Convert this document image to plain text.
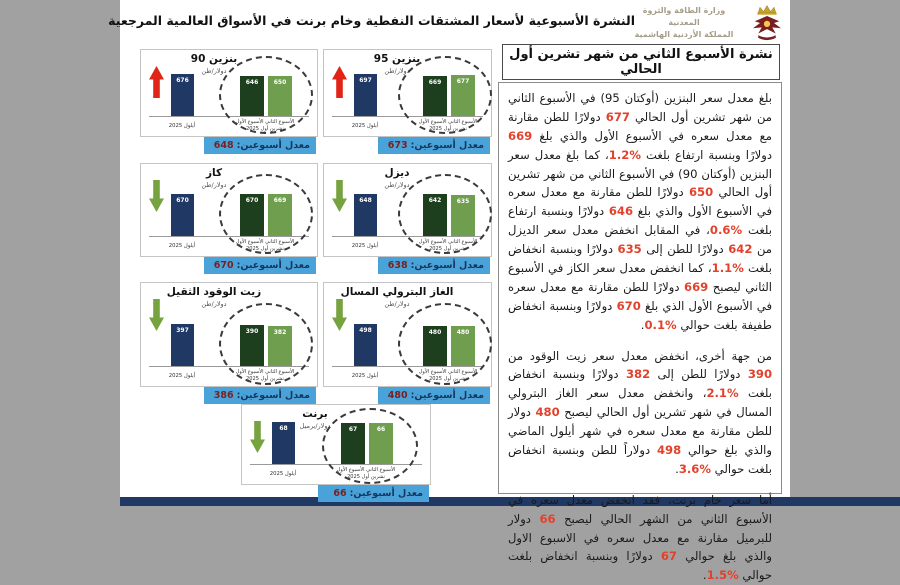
النشرة الأسبوعية لأسعار المشتقات النفطية وخام برنت في الأسواق العالمية المرجعية
وزارة الطاقة والثروة المعدنية
المملكة الأردنية الهاشمية
بنزين 90
دولار/طن
676	646	650
أيلول 2025
الأسبوع الثاني الأسبوع الأول
تشرين أول 2025
معدل أسبوعين:
648
بنزين 95
دولار/طن
697	669	677
أيلول 2025
الأسبوع الثاني الأسبوع الأول
تشرين أول 2025
معدل أسبوعين:
673
كاز
دولار/طن
670	670	669
أيلول 2025
الأسبوع الثاني الأسبوع الأول
تشرين أول 2025
معدل أسبوعين:
670
ديزل
دولار/طن
648	642	635
أيلول 2025
الأسبوع الثاني الأسبوع الأول
تشرين أول 2025
معدل أسبوعين:
638
زيت الوقود الثقيل
دولار/طن
397	390	382
أيلول 2025
الأسبوع الثاني الأسبوع الأول
تشرين أول 2025
معدل أسبوعين:
386
الغاز البترولي المسال
دولار/طن
498	480	480
أيلول 2025
الأسبوع الثاني الأسبوع الأول
تشرين أول 2025
معدل أسبوعين:
480
برنت
دولار/برميل
68	67	66
أيلول 2025
الأسبوع الثاني الأسبوع الأول
تشرين أول 2025
معدل أسبوعين:
66
نشرة الأسبوع الثاني من شهر تشرين أول الحالي

بلغ معدل سعر البنزين (أوكتان 95) في الأسبوع الثاني من شهر تشرين أول الحالي 677 دولارًا للطن مقارنة مع معدل سعره في الأسبوع الأول والذي بلغ 669 دولارًا وبنسبة ارتفاع بلغت %1.2، كما بلغ معدل سعر البنزين (أوكتان 90) في الأسبوع الثاني من شهر تشرين أول الحالي 650 دولارًا للطن مقارنة مع معدل سعره في الأسبوع الأول والذي بلغ 646 دولارًا وبنسبة ارتفاع بلغت %0.6، في المقابل انخفض معدل سعر الديزل من 642 دولارًا للطن إلى 635 دولارًا وبنسبة انخفاض بلغت %1.1، كما انخفض معدل سعر الكاز في الأسبوع الثاني ليصبح 669 دولارًا للطن مقارنة مع معدل سعره في الأسبوع الأول الذي بلغ 670 دولارًا وبنسبة انخفاض طفيفة بلغت حوالي %0.1.

من جهة أخرى، انخفض معدل سعر زيت الوقود من 390 دولارًا للطن إلى 382 دولارًا وبنسبة انخفاض بلغت %2.1، وانخفض معدل سعر الغاز البترولي المسال في شهر تشرين أول الحالي ليصبح 480 دولار للطن مقارنة مع معدل سعره في شهر أيلول الماضي والذي بلغ حوالي 498 دولاراً للطن وبنسبة انخفاض بلغت حوالي %3.6.

أما سعر خام برنت، فقد انخفض معدل سعره في الأسبوع الثاني من الشهر الحالي ليصبح 66 دولار للبرميل مقارنة مع معدل سعره في الاسبوع الاول والذي بلغ حوالي 67 دولارًا وبنسبة انخفاض بلغت حوالي %1.5.
